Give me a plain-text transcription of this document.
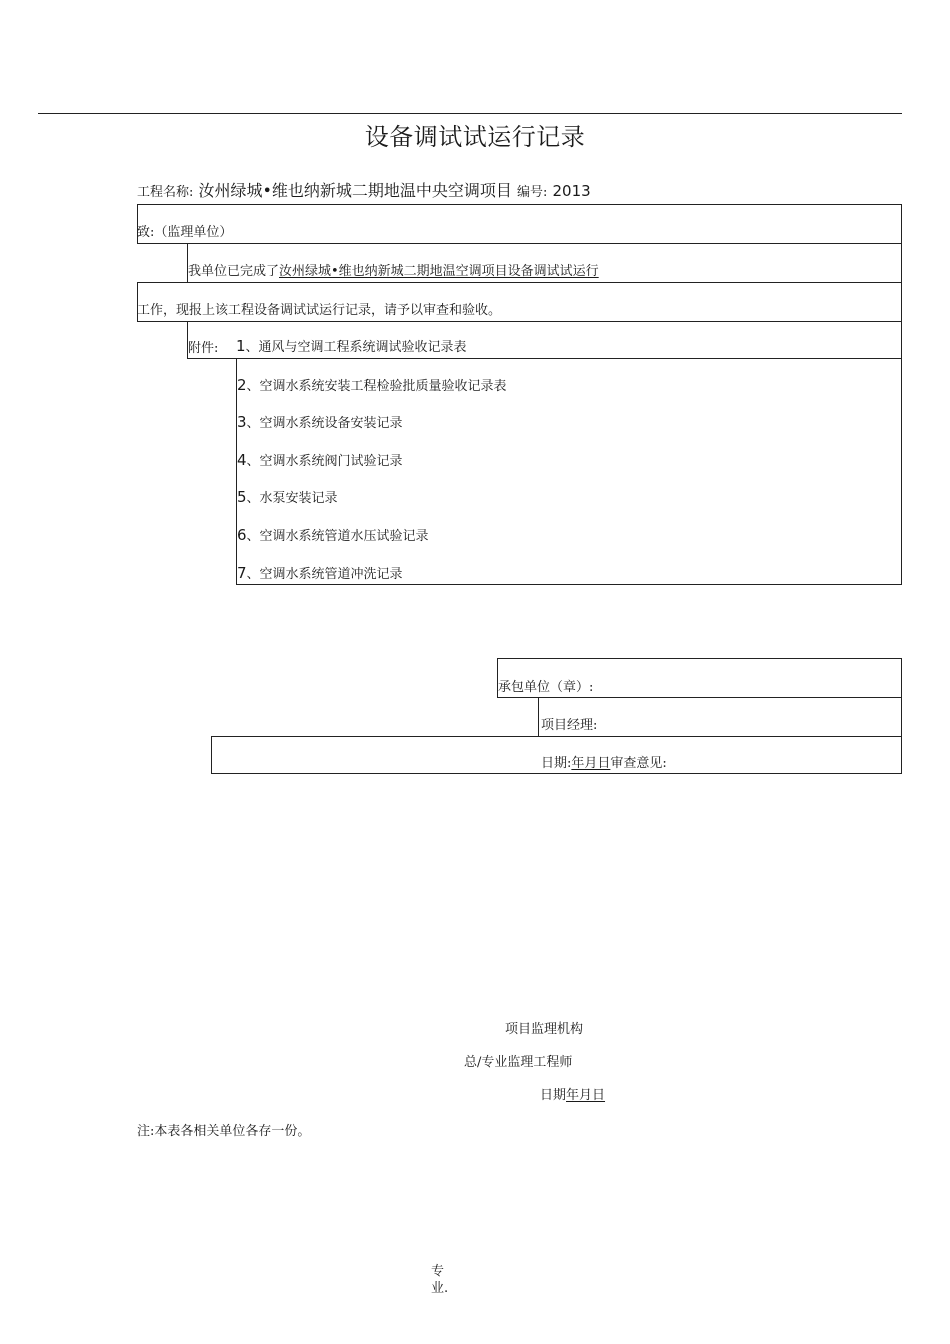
设备调试试运行记录
工程名称: 汝州绿城•维也纳新城二期地温中央空调项目 编号: 2013
致:（监理单位）
我单位已完成了汝州绿城•维也纳新城二期地温空调项目设备调试试运行
工作，现报上该工程设备调试试运行记录，请予以审查和验收。
附件: 1、通风与空调工程系统调试验收记录表
2、空调水系统安装工程检验批质量验收记录表
3、空调水系统设备安装记录
4、空调水系统阀门试验记录
5、水泵安装记录
6、空调水系统管道水压试验记录
7、空调水系统管道冲洗记录
承包单位（章）:
项目经理:
日期:年月日审查意见:
项目监理机构
总/专业监理工程师
日期年月日
注:本表各相关单位各存一份。
专
业.
